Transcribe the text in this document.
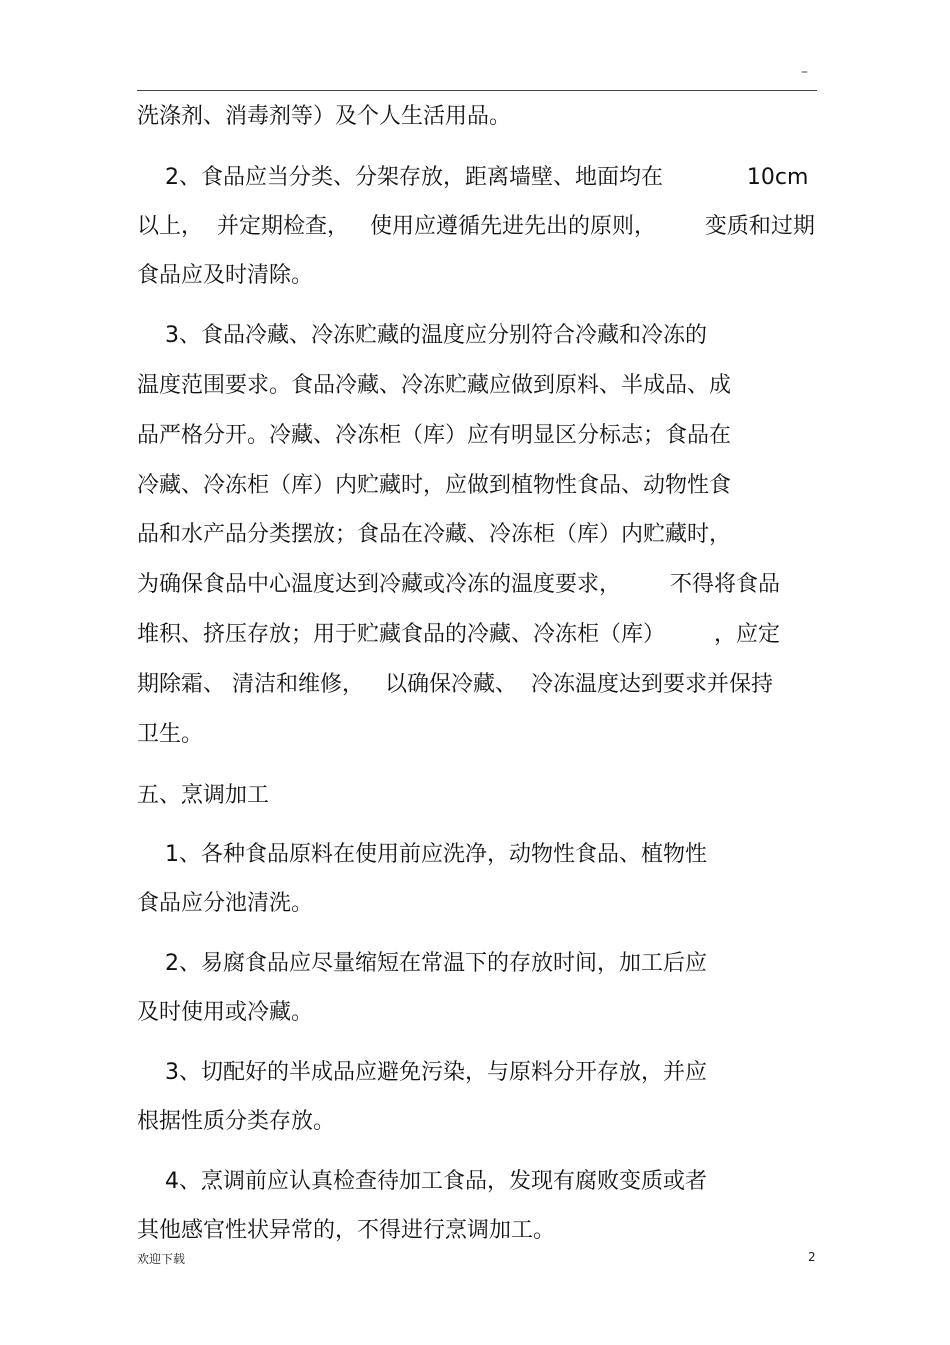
–
洗涤剂、消毒剂等）及个人生活用品。
2、食品应当分类、分架存放，距离墙壁、地面均在            10cm
以上，  并定期检查，   使用应遵循先进先出的原则，       变质和过期
食品应及时清除。
3、食品冷藏、冷冻贮藏的温度应分别符合冷藏和冷冻的
温度范围要求。食品冷藏、冷冻贮藏应做到原料、半成品、成
品严格分开。冷藏、冷冻柜（库）应有明显区分标志；食品在
冷藏、冷冻柜（库）内贮藏时，应做到植物性食品、动物性食
品和水产品分类摆放；食品在冷藏、冷冻柜（库）内贮藏时，
为确保食品中心温度达到冷藏或冷冻的温度要求，       不得将食品
堆积、挤压存放；用于贮藏食品的冷藏、冷冻柜（库）       ，应定
期除霜、 清洁和维修，   以确保冷藏、  冷冻温度达到要求并保持
卫生。
五、烹调加工
1、各种食品原料在使用前应洗净，动物性食品、植物性
食品应分池清洗。
2、易腐食品应尽量缩短在常温下的存放时间，加工后应
及时使用或冷藏。
3、切配好的半成品应避免污染，与原料分开存放，并应
根据性质分类存放。
4、烹调前应认真检查待加工食品，发现有腐败变质或者
其他感官性状异常的，不得进行烹调加工。
欢迎下载	2
